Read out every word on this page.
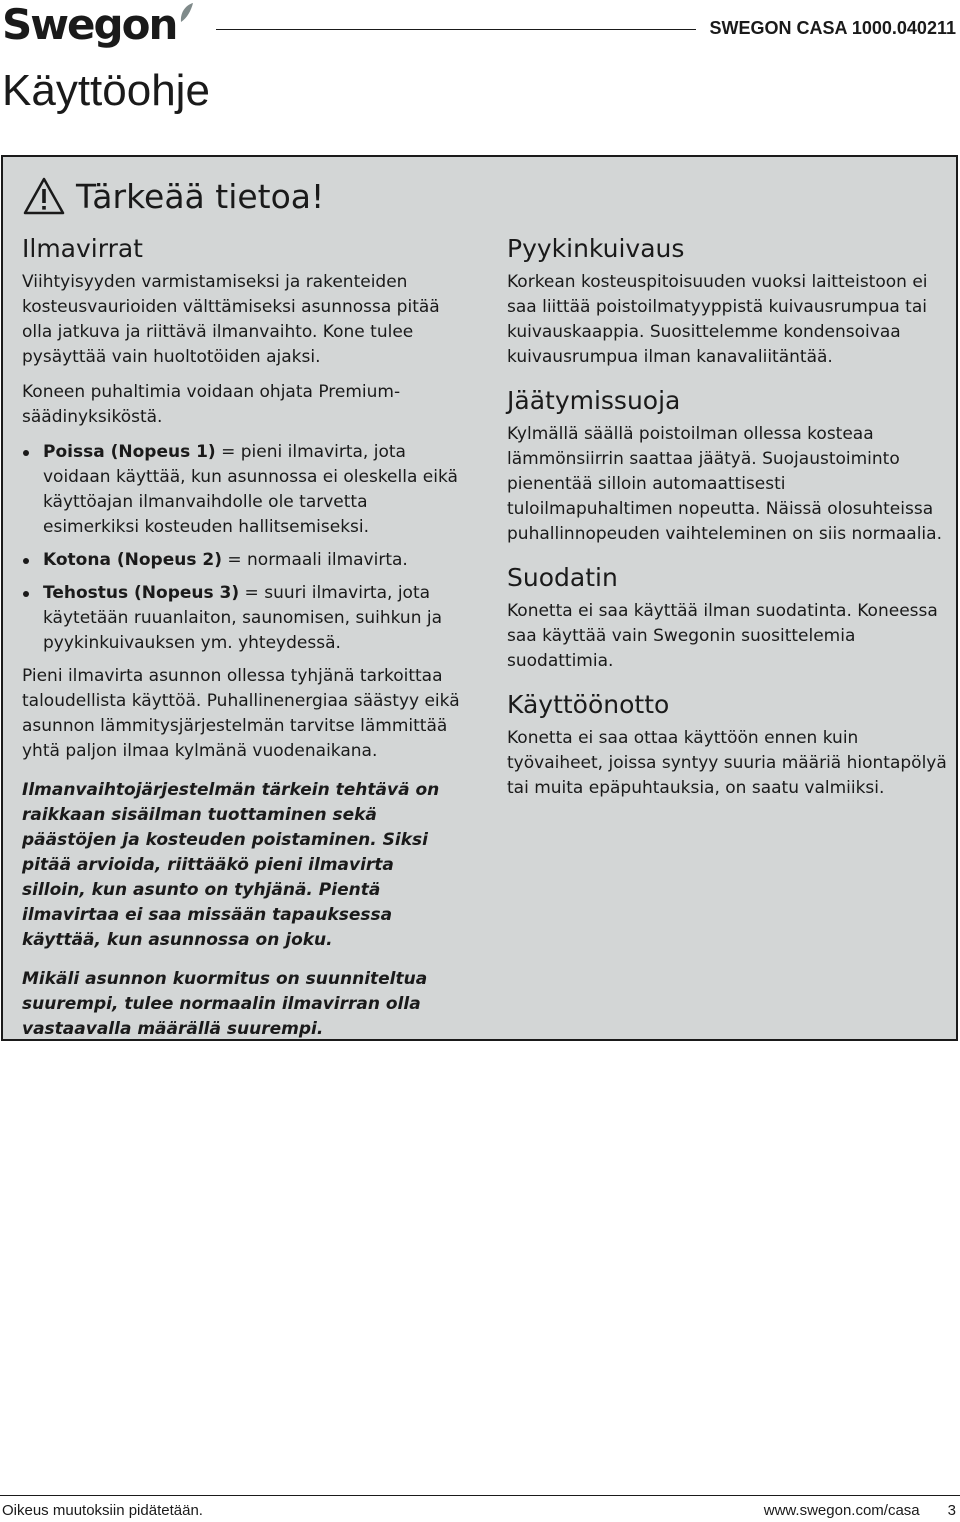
Swegon	SWEGON CASA 1000.040211
Käyttöohje
Tärkeää tietoa!
Ilmavirrat

Viihtyisyyden varmistamiseksi ja rakenteiden kosteusvaurioiden välttämiseksi asunnossa pitää olla jatkuva ja riittävä ilmanvaihto. Kone tulee pysäyttää vain huoltotöiden ajaksi.

Koneen puhaltimia voidaan ohjata Premium-säädinyksiköstä.

Poissa (Nopeus 1) = pieni ilmavirta, jota voidaan käyttää, kun asunnossa ei oleskella eikä käyttöajan ilmanvaihdolle ole tarvetta esimerkiksi kosteuden hallitsemiseksi.
Kotona (Nopeus 2) = normaali ilmavirta.
Tehostus (Nopeus 3) = suuri ilmavirta, jota käytetään ruuanlaiton, saunomisen, suihkun ja pyykinkuivauksen ym. yhteydessä.

Pieni ilmavirta asunnon ollessa tyhjänä tarkoittaa taloudellista käyttöä. Puhallinenergiaa säästyy eikä asunnon lämmitysjärjestelmän tarvitse lämmittää yhtä paljon ilmaa kylmänä vuodenaikana.

Ilmanvaihtojärjestelmän tärkein tehtävä on raikkaan sisäilman tuottaminen sekä päästöjen ja kosteuden poistaminen. Siksi pitää arvioida, riittääkö pieni ilmavirta silloin, kun asunto on tyhjänä. Pientä ilmavirtaa ei saa missään tapauksessa käyttää, kun asunnossa on joku.

Mikäli asunnon kuormitus on suunniteltua suurempi, tulee normaalin ilmavirran olla vastaavalla määrällä suurempi.

Pyykinkuivaus

Korkean kosteuspitoisuuden vuoksi laitteistoon ei saa liittää poistoilmatyyppistä kuivausrumpua tai kuivauskaappia. Suosittelemme kondensoivaa kuivausrumpua ilman kanavaliitäntää.

Jäätymissuoja

Kylmällä säällä poistoilman ollessa kosteaa lämmönsiirrin saattaa jäätyä. Suojaustoiminto pienentää silloin automaattisesti tuloilmapuhaltimen nopeutta. Näissä olosuhteissa puhallinnopeuden vaihteleminen on siis normaalia.

Suodatin

Konetta ei saa käyttää ilman suodatinta. Koneessa saa käyttää vain Swegonin suosittelemia suodattimia.

Käyttöönotto

Konetta ei saa ottaa käyttöön ennen kuin työvaiheet, joissa syntyy suuria määriä hiontapölyä tai muita epäpuhtauksia, on saatu valmiiksi.

Oikeus muutoksiin pidätetään.	www.swegon.com/casa 3
